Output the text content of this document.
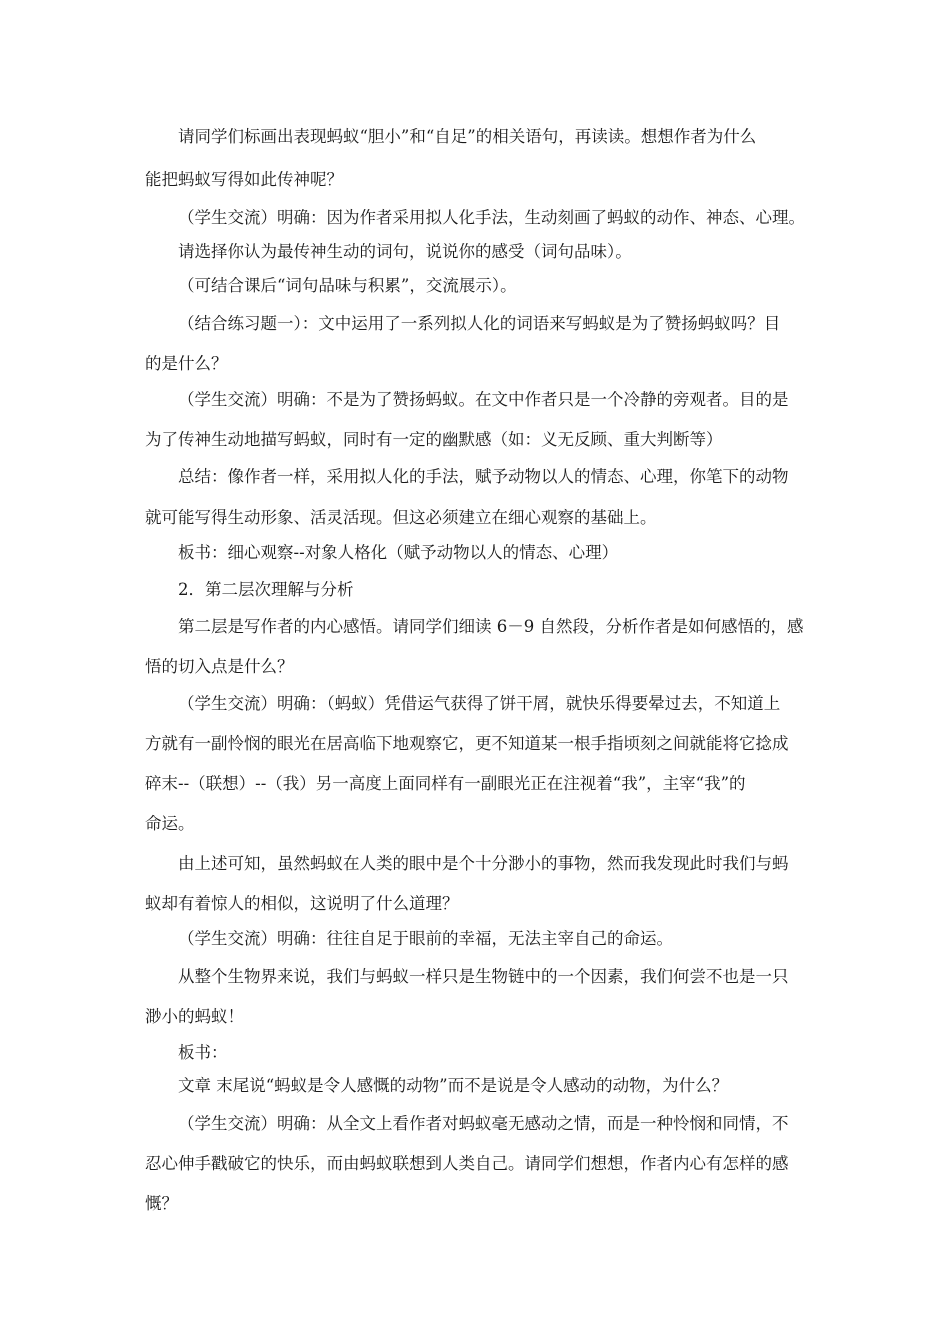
请同学们标画出表现蚂蚁“胆小”和“自足”的相关语句，再读读。想想作者为什么
能把蚂蚁写得如此传神呢？
（学生交流）明确：因为作者采用拟人化手法，生动刻画了蚂蚁的动作、神态、心理。
请选择你认为最传神生动的词句，说说你的感受（词句品味）。
（可结合课后“词句品味与积累”，交流展示）。
（结合练习题一）：文中运用了一系列拟人化的词语来写蚂蚁是为了赞扬蚂蚁吗？目
的是什么？
（学生交流）明确：不是为了赞扬蚂蚁。在文中作者只是一个冷静的旁观者。目的是
为了传神生动地描写蚂蚁，同时有一定的幽默感（如：义无反顾、重大判断等）
总结：像作者一样，采用拟人化的手法，赋予动物以人的情态、心理，你笔下的动物
就可能写得生动形象、活灵活现。但这必须建立在细心观察的基础上。
板书：细心观察--对象人格化（赋予动物以人的情态、心理）
2．第二层次理解与分析
第二层是写作者的内心感悟。请同学们细读 6－9 自然段，分析作者是如何感悟的，感
悟的切入点是什么？
（学生交流）明确：（蚂蚁）凭借运气获得了饼干屑，就快乐得要晕过去，不知道上
方就有一副怜悯的眼光在居高临下地观察它，更不知道某一根手指顷刻之间就能将它捻成
碎末--（联想）--（我）另一高度上面同样有一副眼光正在注视着“我”，主宰“我”的
命运。
由上述可知，虽然蚂蚁在人类的眼中是个十分渺小的事物，然而我发现此时我们与蚂
蚁却有着惊人的相似，这说明了什么道理？
（学生交流）明确：往往自足于眼前的幸福，无法主宰自己的命运。
从整个生物界来说，我们与蚂蚁一样只是生物链中的一个因素，我们何尝不也是一只
渺小的蚂蚁！
板书：
文章 末尾说“蚂蚁是令人感慨的动物”而不是说是令人感动的动物，为什么？
（学生交流）明确：从全文上看作者对蚂蚁毫无感动之情，而是一种怜悯和同情，不
忍心伸手戳破它的快乐，而由蚂蚁联想到人类自己。请同学们想想，作者内心有怎样的感
慨？
